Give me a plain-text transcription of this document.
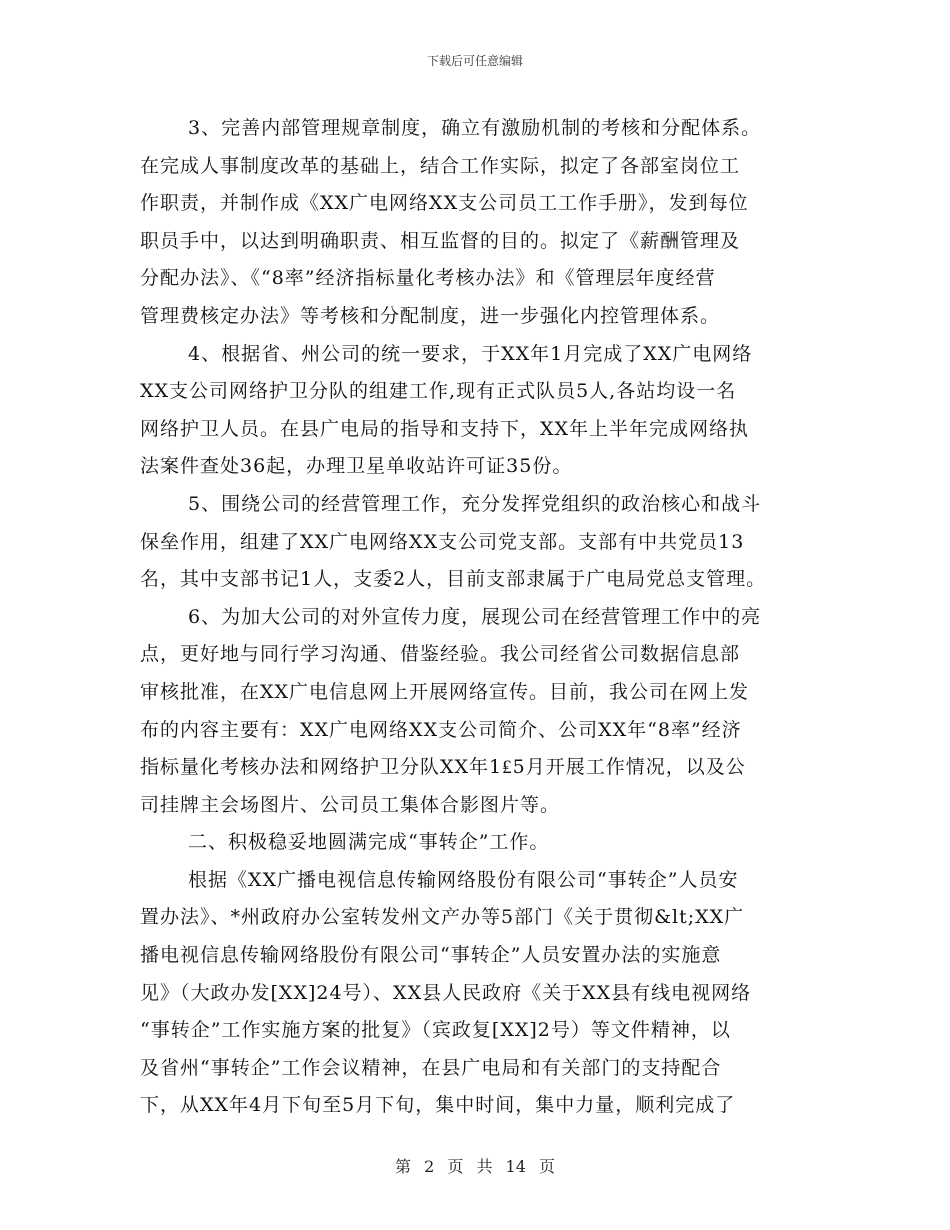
下载后可任意编辑
3、完善内部管理规章制度，确立有激励机制的考核和分配体系。
在完成人事制度改革的基础上，结合工作实际，拟定了各部室岗位工
作职责，并制作成《XX广电网络XX支公司员工工作手册》，发到每位
职员手中，以达到明确职责、相互监督的目的。拟定了《薪酬管理及
分配办法》、《“8率”经济指标量化考核办法》和《管理层年度经营
管理费核定办法》等考核和分配制度，进一步强化内控管理体系。
4、根据省、州公司的统一要求，于XX年1月完成了XX广电网络
XX支公司网络护卫分队的组建工作,现有正式队员5人,各站均设一名
网络护卫人员。在县广电局的指导和支持下，XX年上半年完成网络执
法案件查处36起，办理卫星单收站许可证35份。
5、围绕公司的经营管理工作，充分发挥党组织的政治核心和战斗
保垒作用，组建了XX广电网络XX支公司党支部。支部有中共党员13
名，其中支部书记1人，支委2人，目前支部隶属于广电局党总支管理。
6、为加大公司的对外宣传力度，展现公司在经营管理工作中的亮
点，更好地与同行学习沟通、借鉴经验。我公司经省公司数据信息部
审核批准，在XX广电信息网上开展网络宣传。目前，我公司在网上发
布的内容主要有：XX广电网络XX支公司简介、公司XX年“8率”经济
指标量化考核办法和网络护卫分队XX年1₤5月开展工作情况，以及公
司挂牌主会场图片、公司员工集体合影图片等。
二、积极稳妥地圆满完成“事转企”工作。
根据《XX广播电视信息传输网络股份有限公司“事转企”人员安
置办法》、*州政府办公室转发州文产办等5部门《关于贯彻&lt;XX广
播电视信息传输网络股份有限公司“事转企”人员安置办法的实施意
见》（大政办发[XX]24号）、XX县人民政府《关于XX县有线电视网络
“事转企”工作实施方案的批复》（宾政复[XX]2号）等文件精神，以
及省州“事转企”工作会议精神，在县广电局和有关部门的支持配合
下，从XX年4月下旬至5月下旬，集中时间，集中力量，顺利完成了
第 2 页 共 14 页
